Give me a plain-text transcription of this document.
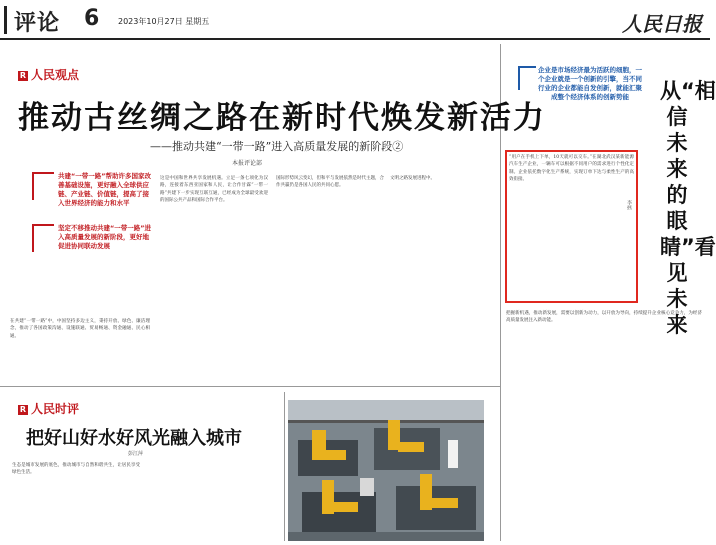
评论 6 2023年10月27日 星期五	人民日报
R 人民观点
推动古丝绸之路在新时代焕发新活力
——推动共建“一带一路”进入高质量发展的新阶段②
本报评论部
共建“一带一路”帮助许多国家改善基础设施，更好融入全球供应链、产业链、价值链，提高了接入世界经济的能力和水平
坚定不移推动共建“一带一路”进入高质量发展的新阶段，更好地促进协同联动发展
在共建“一带一路”中，中国坚持多边主义，秉持开放、绿色、廉洁理念，推动了各国政策沟通、设施联通、贸易畅通、资金融通、民心相通。
这是中国和世界共享发展机遇。立足一条七项化为汉路，连接着东西亚国家和人民，让合作甘霖“一带一路”共建下一步实现互联互通，已经成为全球最受欢迎的国际公共产品和国际合作平台。
国际形势风云变幻，但和平与发展依然是时代主题，合作共赢仍是各国人民的共同心愿。
文明之路发展进程中。
R 人民时评
把好山好水好风光融入城市
彭江萍
生态是城市发展的底色，推动城市与自然和谐共生，让居民享受绿色生活。
企业是市场经济最为活跃的细胞，一个企业就是一个创新的引擎，当不同行业的企业都能自发创新，就能汇聚成整个经济体系的创新势能	从“相信未来的眼睛”看见未来
李拯
“用户在手机上下单，10天就可以交车。”在湖北武汉某新能源汽车生产企业，一辆车可以根据不同用户的需求进行个性化定制。企业依托数字化生产系统，实现订单下达与柔性生产的高效衔接。
把握新机遇，推动新发展，需要以创新为动力，以开放为导向，持续提升企业核心竞争力，为经济高质量发展注入新动能。
